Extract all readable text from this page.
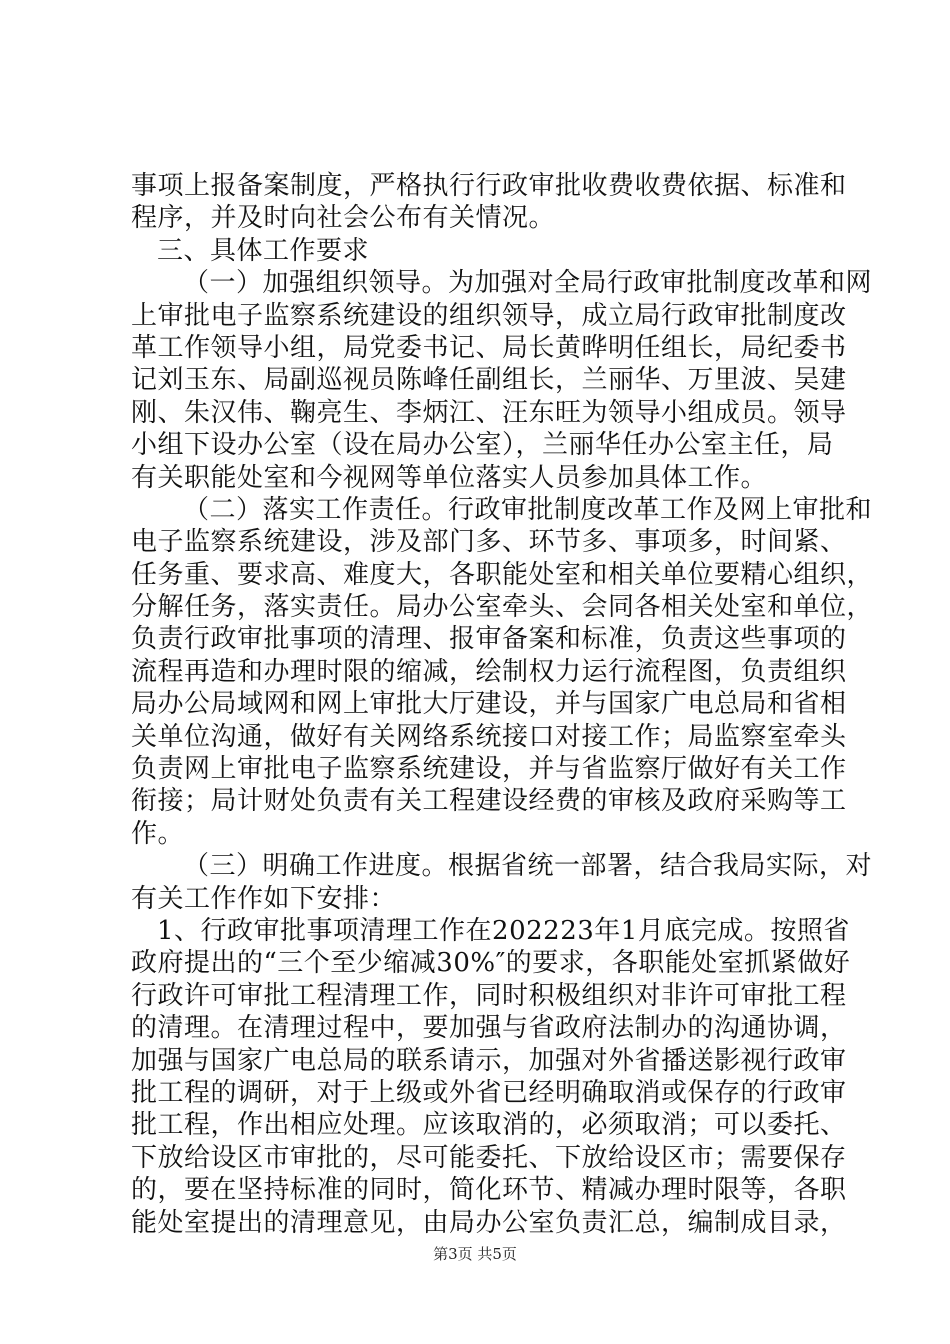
事项上报备案制度，严格执行行政审批收费收费依据、标准和
程序，并及时向社会公布有关情况。
三、具体工作要求
（一）加强组织领导。为加强对全局行政审批制度改革和网
上审批电子监察系统建设的组织领导，成立局行政审批制度改
革工作领导小组，局党委书记、局长黄晔明任组长，局纪委书
记刘玉东、局副巡视员陈峰任副组长，兰丽华、万里波、吴建
刚、朱汉伟、鞠亮生、李炳江、汪东旺为领导小组成员。领导
小组下设办公室（设在局办公室），兰丽华任办公室主任，局
有关职能处室和今视网等单位落实人员参加具体工作。
（二）落实工作责任。行政审批制度改革工作及网上审批和
电子监察系统建设，涉及部门多、环节多、事项多，时间紧、
任务重、要求高、难度大，各职能处室和相关单位要精心组织，
分解任务，落实责任。局办公室牵头、会同各相关处室和单位，
负责行政审批事项的清理、报审备案和标准，负责这些事项的
流程再造和办理时限的缩减，绘制权力运行流程图，负责组织
局办公局域网和网上审批大厅建设，并与国家广电总局和省相
关单位沟通，做好有关网络系统接口对接工作；局监察室牵头
负责网上审批电子监察系统建设，并与省监察厅做好有关工作
衔接；局计财处负责有关工程建设经费的审核及政府采购等工
作。
（三）明确工作进度。根据省统一部署，结合我局实际，对
有关工作作如下安排：
1、行政审批事项清理工作在202223年1月底完成。按照省
政府提出的“三个至少缩减30%″的要求，各职能处室抓紧做好
行政许可审批工程清理工作，同时积极组织对非许可审批工程
的清理。在清理过程中，要加强与省政府法制办的沟通协调，
加强与国家广电总局的联系请示，加强对外省播送影视行政审
批工程的调研，对于上级或外省已经明确取消或保存的行政审
批工程，作出相应处理。应该取消的，必须取消；可以委托、
下放给设区市审批的，尽可能委托、下放给设区市；需要保存
的，要在坚持标准的同时，简化环节、精减办理时限等，各职
能处室提出的清理意见，由局办公室负责汇总，编制成目录，
第3页 共5页
